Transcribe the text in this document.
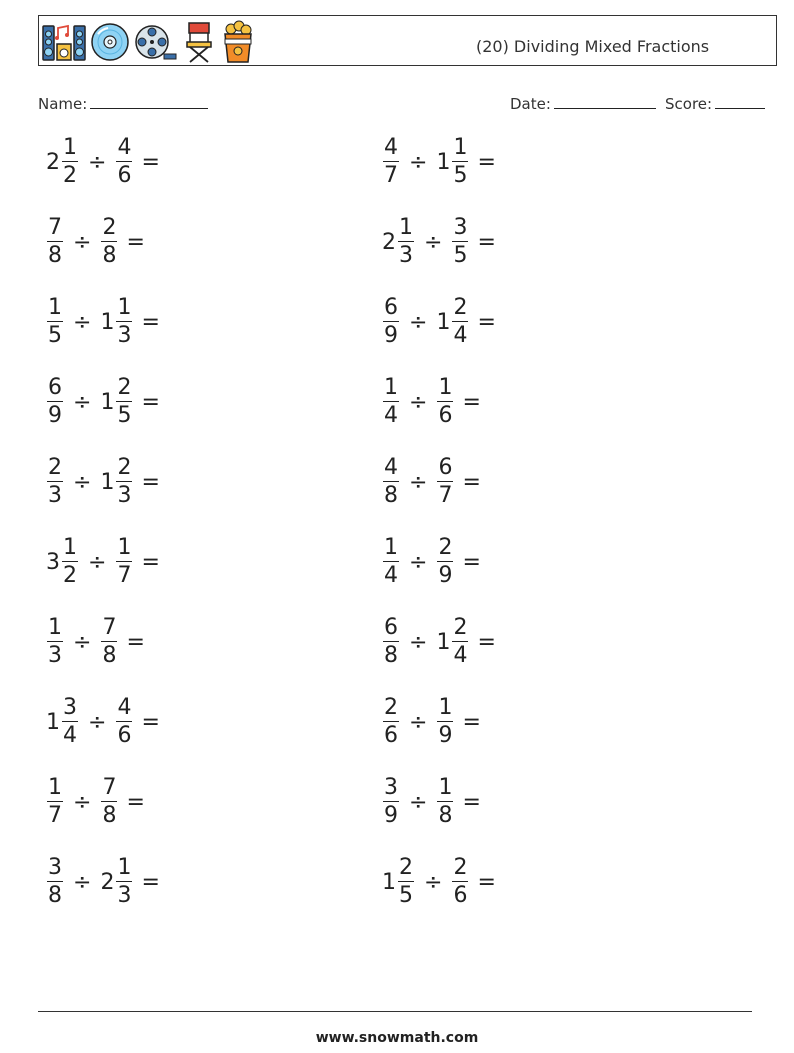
(20) Dividing Mixed Fractions
Name:	Date:	Score:
$2 \frac{1}{2} \div \frac{4}{6}$ =	$\frac{4}{7} \div 1 \frac{1}{5}$ =
$\frac{7}{8} \div \frac{2}{8}$ =	$2 \frac{1}{3} \div \frac{3}{5}$ =
$\frac{1}{5} \div 1 \frac{1}{3}$ =	$\frac{6}{9} \div 1 \frac{2}{4}$ =
$\frac{6}{9} \div 1 \frac{2}{5}$ =	$\frac{1}{4} \div \frac{1}{6}$ =
$\frac{2}{3} \div 1 \frac{2}{3}$ =	$\frac{4}{8} \div \frac{6}{7}$ =
$3 \frac{1}{2} \div \frac{1}{7}$ =	$\frac{1}{4} \div \frac{2}{9}$ =
$\frac{1}{3} \div \frac{7}{8}$ =	$\frac{6}{8} \div 1 \frac{2}{4}$ =
$1 \frac{3}{4} \div \frac{4}{6}$ =	$\frac{2}{6} \div \frac{1}{9}$ =
$\frac{1}{7} \div \frac{7}{8}$ =	$\frac{3}{9} \div \frac{1}{8}$ =
$\frac{3}{8} \div 2 \frac{1}{3}$ =	$1 \frac{2}{5} \div \frac{2}{6}$ =
www.snowmath.com
